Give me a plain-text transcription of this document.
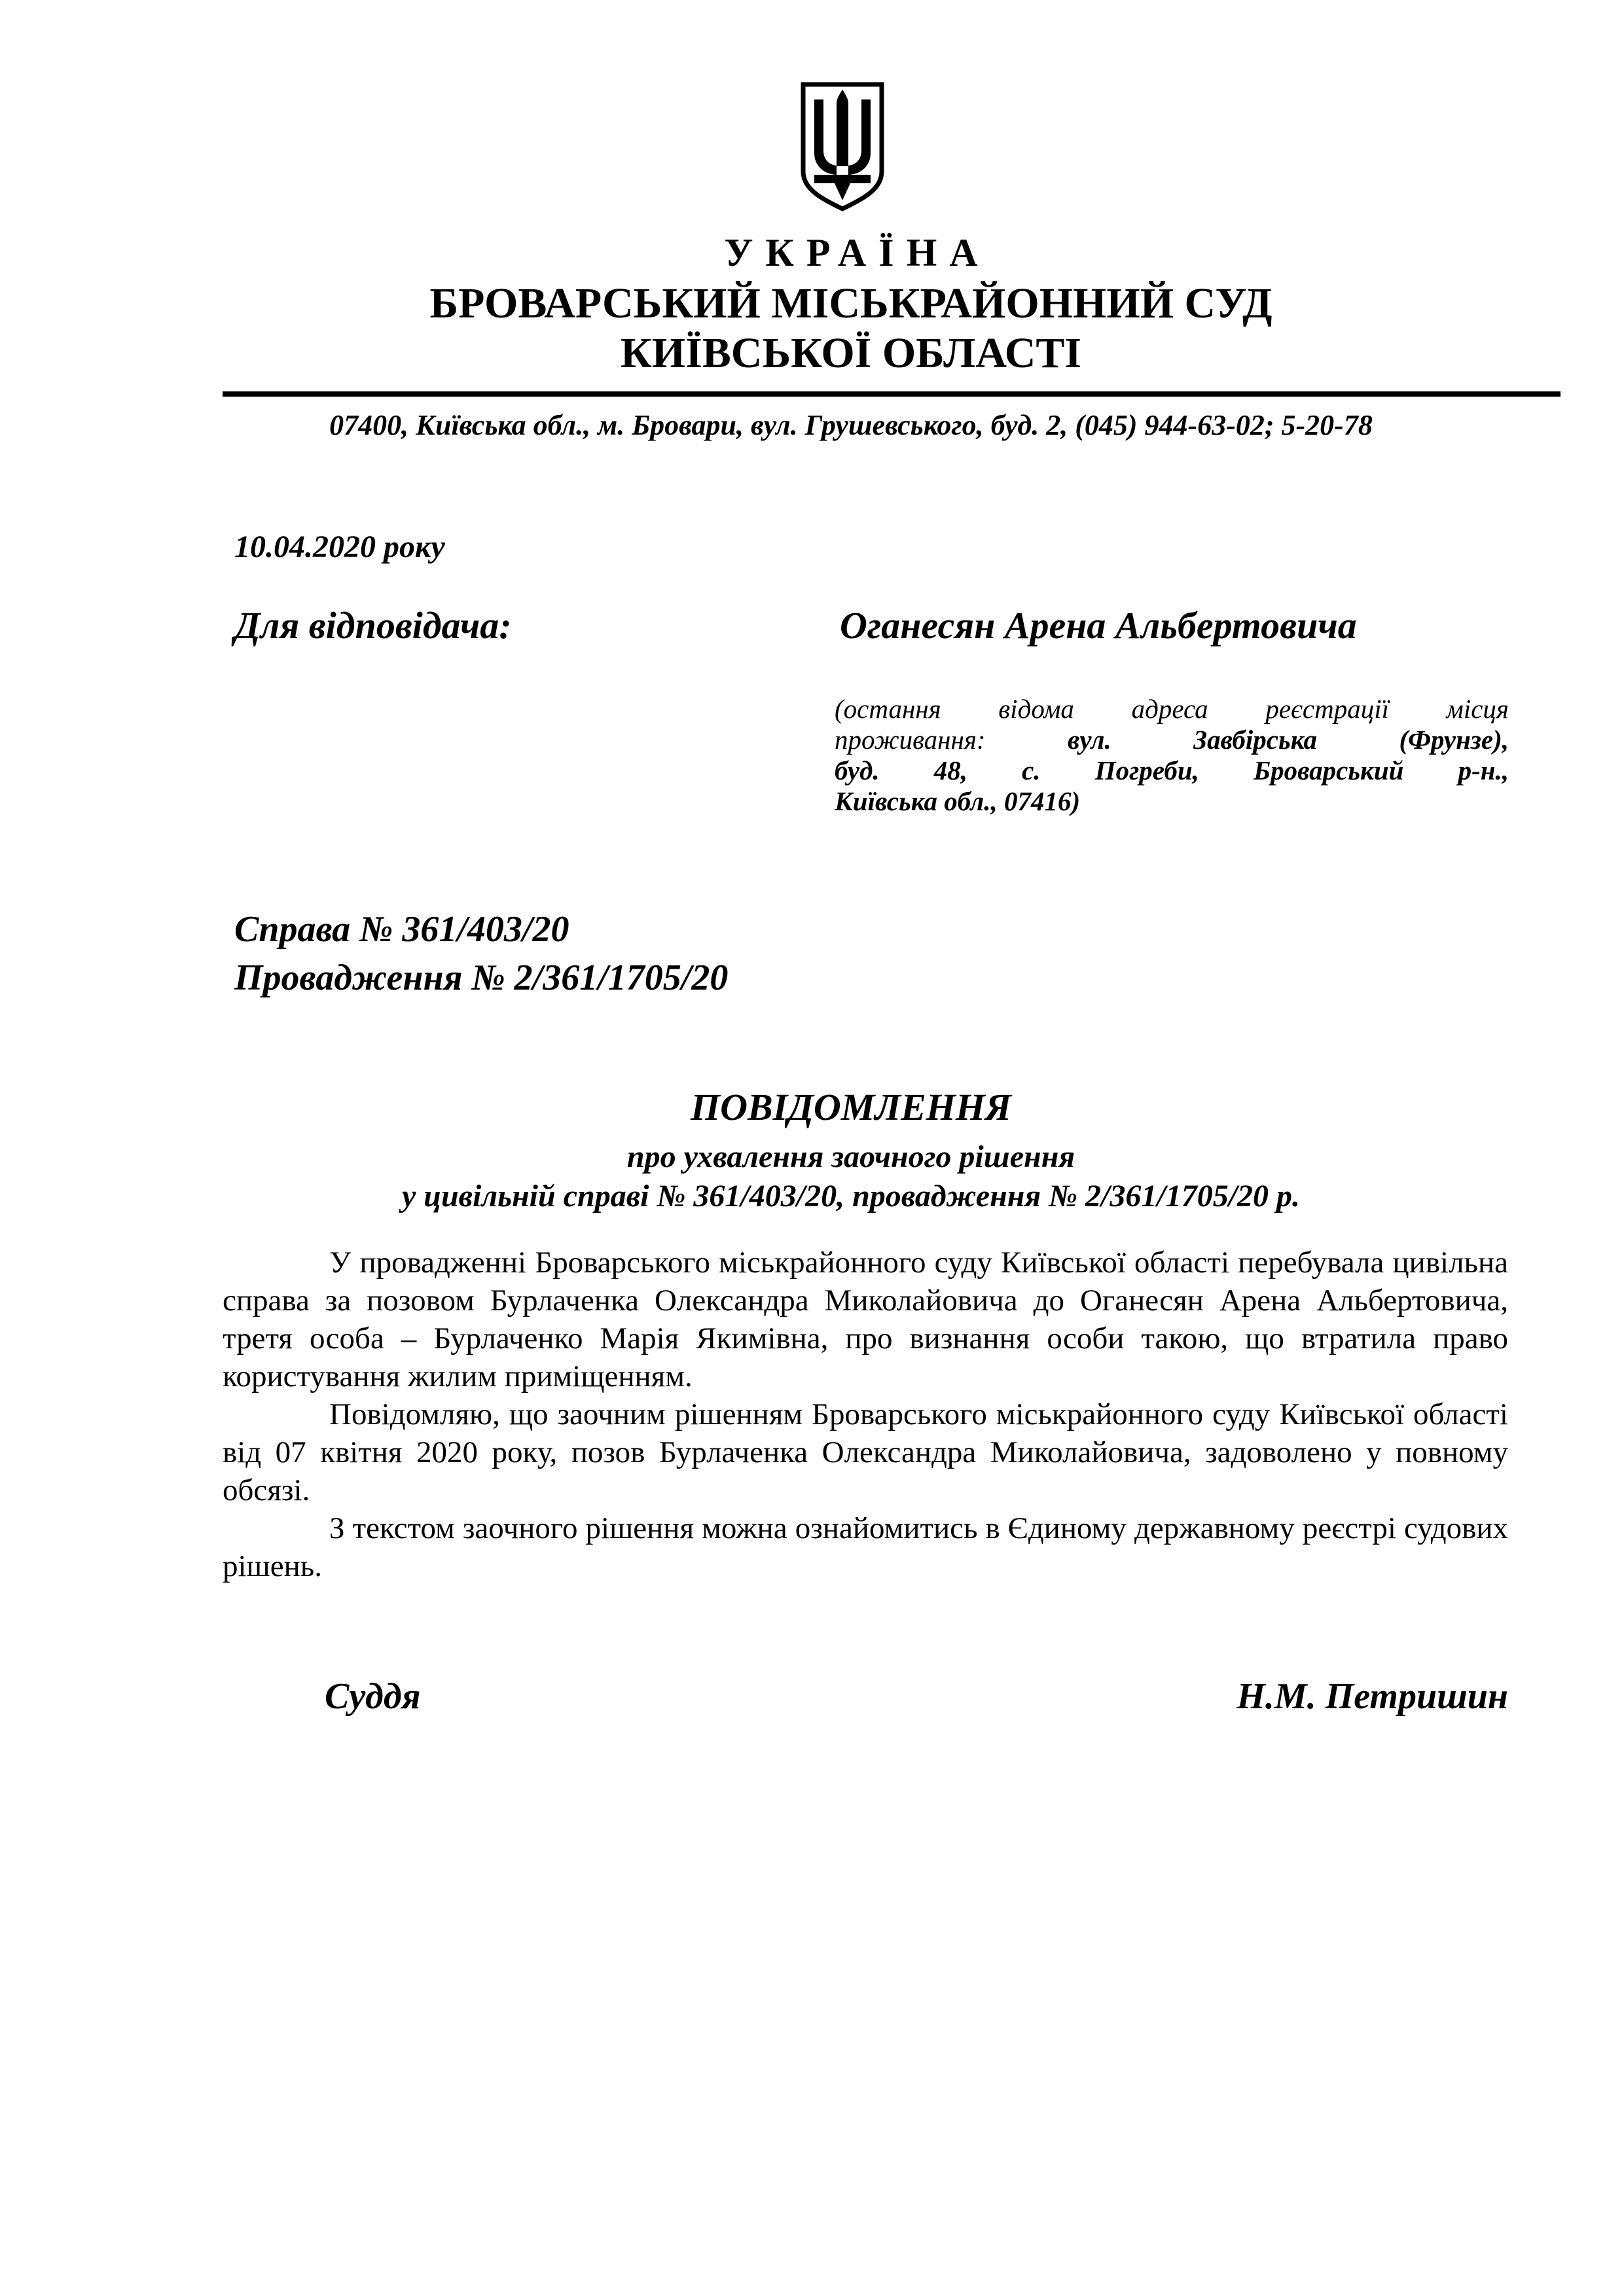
УКРАЇНА
БРОВАРСЬКИЙ МІСЬКРАЙОННИЙ СУД
КИЇВСЬКОЇ ОБЛАСТІ
07400, Київська обл., м. Бровари, вул. Грушевського, буд. 2, (045) 944-63-02; 5-20-78
10.04.2020 року
Для відповідача:	Оганесян Арена Альбертовича
(остання відома адреса реєстрації місця
проживання: вул. Завбірська (Фрунзе),
буд. 48, с. Погреби, Броварський р-н.,
Київська обл., 07416)
Справа № 361/403/20
Провадження № 2/361/1705/20
ПОВІДОМЛЕННЯ
про ухвалення заочного рішення
у цивільній справі № 361/403/20, провадження № 2/361/1705/20 р.

У провадженні Броварського міськрайонного суду Київської області перебувала цивільна справа за позовом Бурлаченка Олександра Миколайовича до Оганесян Арена Альбертовича, третя особа – Бурлаченко Марія Якимівна, про визнання особи такою, що втратила право користування жилим приміщенням.

Повідомляю, що заочним рішенням Броварського міськрайонного суду Київської області від 07 квітня 2020 року, позов Бурлаченка Олександра Миколайовича, задоволено у повному обсязі.

З текстом заочного рішення можна ознайомитись в Єдиному державному реєстрі судових рішень.

Суддя	Н.М. Петришин
